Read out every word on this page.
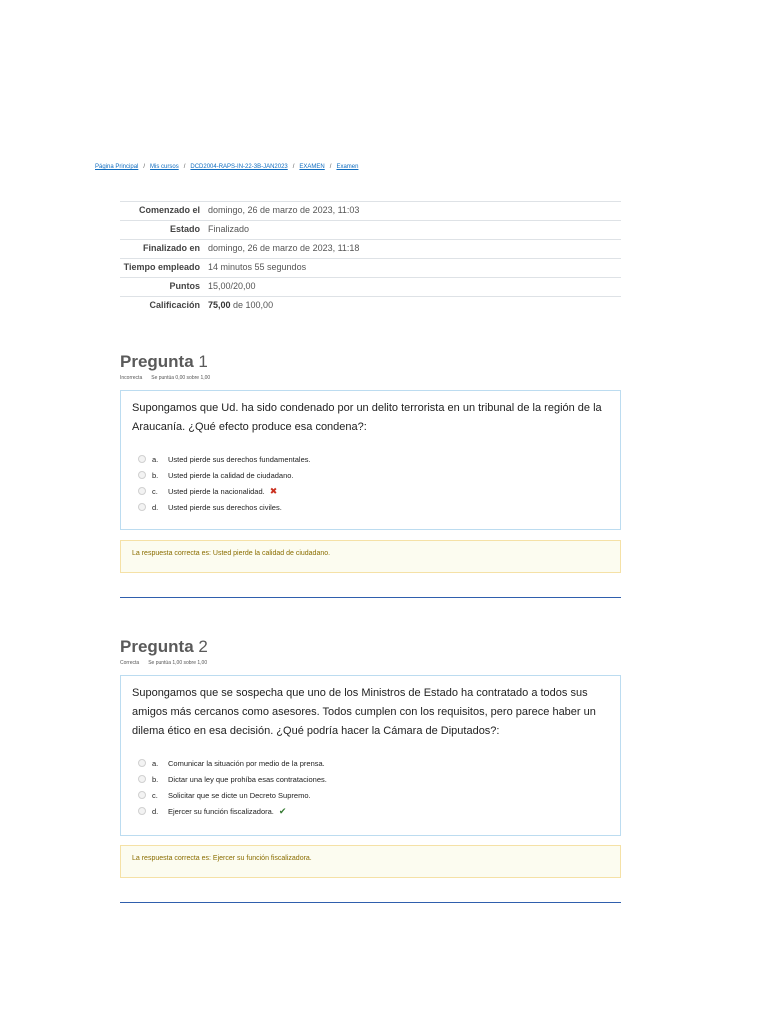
Página Principal / Mis cursos / DCD2004-RAPS-IN-22-3B-JAN2023 / EXAMEN / Examen
Comenzado el	domingo, 26 de marzo de 2023, 11:03
Estado	Finalizado
Finalizado en	domingo, 26 de marzo de 2023, 11:18
Tiempo empleado	14 minutos 55 segundos
Puntos	15,00/20,00
Calificación	75,00 de 100,00
Pregunta 1
Incorrecta Se puntúa 0,00 sobre 1,00
Supongamos que Ud. ha sido condenado por un delito terrorista en un tribunal de la región de la Araucanía. ¿Qué efecto produce esa condena?:
a.	Usted pierde sus derechos fundamentales.
b.	Usted pierde la calidad de ciudadano.
c.	Usted pierde la nacionalidad. ✖
d.	Usted pierde sus derechos civiles.
La respuesta correcta es: Usted pierde la calidad de ciudadano.
Pregunta 2
Correcta Se puntúa 1,00 sobre 1,00
Supongamos que se sospecha que uno de los Ministros de Estado ha contratado a todos sus amigos más cercanos como asesores. Todos cumplen con los requisitos, pero parece haber un dilema ético en esa decisión. ¿Qué podría hacer la Cámara de Diputados?:
a.	Comunicar la situación por medio de la prensa.
b.	Dictar una ley que prohíba esas contrataciones.
c.	Solicitar que se dicte un Decreto Supremo.
d.	Ejercer su función fiscalizadora. ✔
La respuesta correcta es: Ejercer su función fiscalizadora.
